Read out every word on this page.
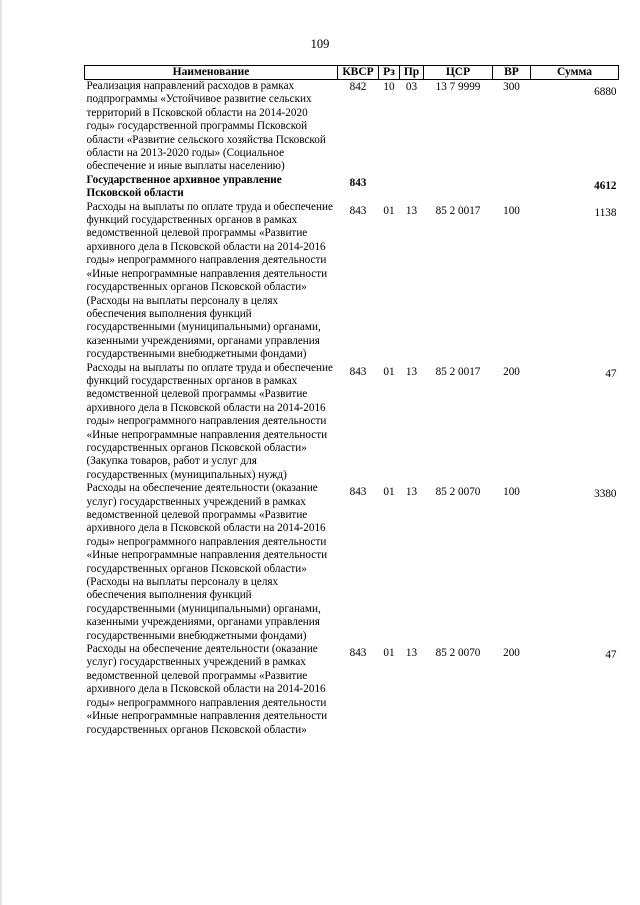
109
Наименование	КВСР	Рз	Пр	ЦСР	ВР	Сумма
Реализация направлений расходов в рамках подпрограммы «Устойчивое развитие сельских территорий в Псковской области на 2014-2020 годы» государственной программы Псковской области «Развитие сельского хозяйства Псковской области на 2013-2020 годы» (Социальное обеспечение и иные выплаты населению)	842	10	03	13 7 9999	300	6880
Государственное архивное управление Псковской области	843					4612
Расходы на выплаты по оплате труда и обеспечение функций государственных органов в рамках ведомственной целевой программы «Развитие архивного дела в Псковской области на 2014-2016 годы» непрограммного направления деятельности «Иные непрограммные направления деятельности государственных органов Псковской области» (Расходы на выплаты персоналу в целях обеспечения выполнения функций государственными (муниципальными) органами, казенными учреждениями, органами управления государственными внебюджетными фондами)	843	01	13	85 2 0017	100	1138
Расходы на выплаты по оплате труда и обеспечение функций государственных органов в рамках ведомственной целевой программы «Развитие архивного дела в Псковской области на 2014-2016 годы» непрограммного направления деятельности «Иные непрограммные направления деятельности государственных органов Псковской области» (Закупка товаров, работ и услуг для государственных (муниципальных) нужд)	843	01	13	85 2 0017	200	47
Расходы на обеспечение деятельности (оказание услуг) государственных учреждений в рамках ведомственной целевой программы «Развитие архивного дела в Псковской области на 2014-2016 годы» непрограммного направления деятельности «Иные непрограммные направления деятельности государственных органов Псковской области» (Расходы на выплаты персоналу в целях обеспечения выполнения функций государственными (муниципальными) органами, казенными учреждениями, органами управления государственными внебюджетными фондами)	843	01	13	85 2 0070	100	3380
Расходы на обеспечение деятельности (оказание услуг) государственных учреждений в рамках ведомственной целевой программы «Развитие архивного дела в Псковской области на 2014-2016 годы» непрограммного направления деятельности «Иные непрограммные направления деятельности государственных органов Псковской области»	843	01	13	85 2 0070	200	47
